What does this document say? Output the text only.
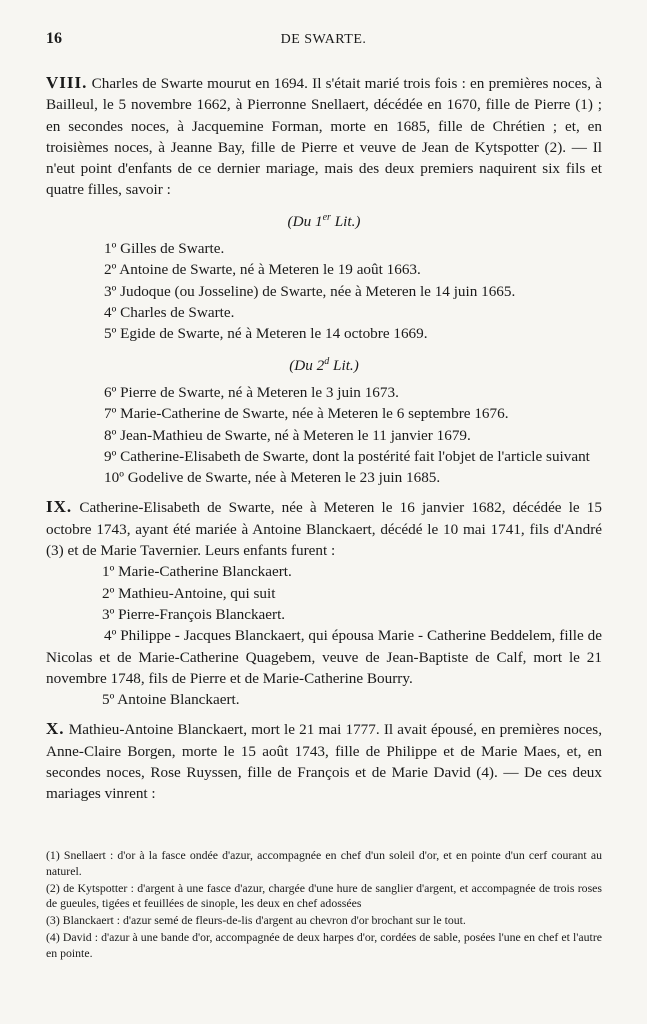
16	DE SWARTE.

VIII. Charles de Swarte mourut en 1694. Il s'était marié trois fois : en premières noces, à Bailleul, le 5 novembre 1662, à Pierronne Snellaert, décédée en 1670, fille de Pierre (1) ; en secondes noces, à Jacquemine Forman, morte en 1685, fille de Chrétien ; et, en troisièmes noces, à Jeanne Bay, fille de Pierre et veuve de Jean de Kytspotter (2). — Il n'eut point d'enfants de ce dernier mariage, mais des deux premiers naquirent six fils et quatre filles, savoir :

(Du 1er Lit.)

1º Gilles de Swarte.

2º Antoine de Swarte, né à Meteren le 19 août 1663.

3º Judoque (ou Josseline) de Swarte, née à Meteren le 14 juin 1665.

4º Charles de Swarte.

5º Egide de Swarte, né à Meteren le 14 octobre 1669.

(Du 2$^d$ Lit.)

6º Pierre de Swarte, né à Meteren le 3 juin 1673.

7º Marie-Catherine de Swarte, née à Meteren le 6 septembre 1676.

8º Jean-Mathieu de Swarte, né à Meteren le 11 janvier 1679.

9º Catherine-Elisabeth de Swarte, dont la postérité fait l'objet de l'article suivant

10º Godelive de Swarte, née à Meteren le 23 juin 1685.

IX. Catherine-Elisabeth de Swarte, née à Meteren le 16 janvier 1682, décédée le 15 octobre 1743, ayant été mariée à Antoine Blanckaert, décédé le 10 mai 1741, fils d'André (3) et de Marie Tavernier. Leurs enfants furent :

1º Marie-Catherine Blanckaert.

2º Mathieu-Antoine, qui suit

3º Pierre-François Blanckaert.

4º Philippe - Jacques Blanckaert, qui épousa Marie - Catherine Beddelem, fille de Nicolas et de Marie-Catherine Quagebem, veuve de Jean-Baptiste de Calf, mort le 21 novembre 1748, fils de Pierre et de Marie-Catherine Bourry.

5º Antoine Blanckaert.

X. Mathieu-Antoine Blanckaert, mort le 21 mai 1777. Il avait épousé, en premières noces, Anne-Claire Borgen, morte le 15 août 1743, fille de Philippe et de Marie Maes, et, en secondes noces, Rose Ruyssen, fille de François et de Marie David (4). — De ces deux mariages vinrent :

(1) Snellaert : d'or à la fasce ondée d'azur, accompagnée en chef d'un soleil d'or, et en pointe d'un cerf courant au naturel.

(2) de Kytspotter : d'argent à une fasce d'azur, chargée d'une hure de sanglier d'argent, et accompagnée de trois roses de gueules, tigées et feuillées de sinople, les deux en chef adossées

(3) Blanckaert : d'azur semé de fleurs-de-lis d'argent au chevron d'or brochant sur le tout.

(4) David : d'azur à une bande d'or, accompagnée de deux harpes d'or, cordées de sable, posées l'une en chef et l'autre en pointe.
